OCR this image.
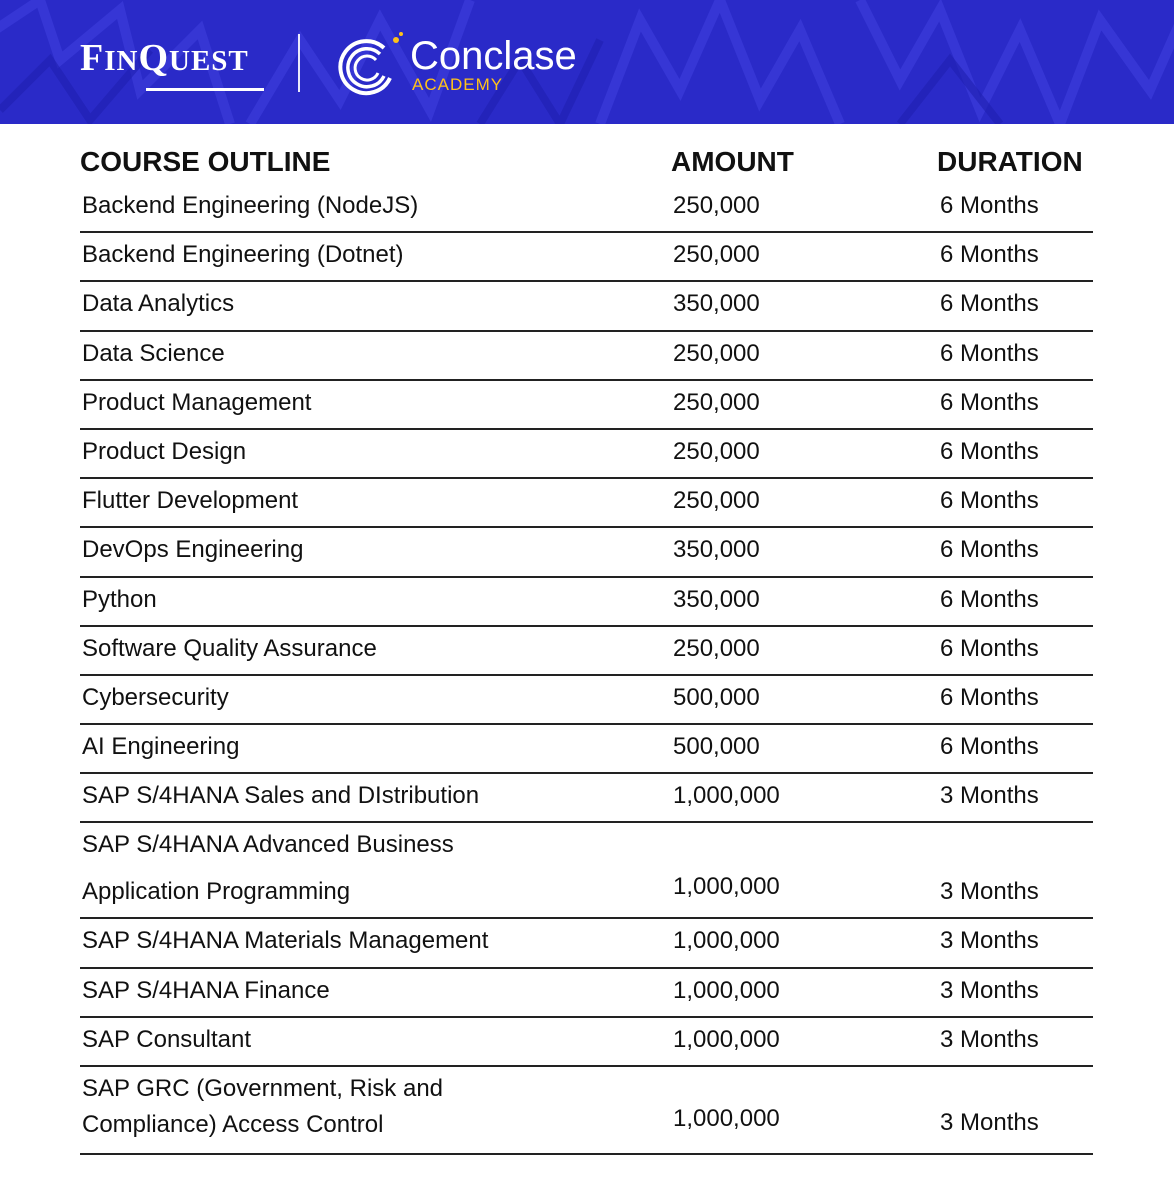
FINQUEST	Conclase
ACADEMY
COURSE OUTLINE	AMOUNT	DURATION
Backend Engineering (NodeJS)	250,000	6 Months
Backend Engineering (Dotnet)	250,000	6 Months
Data Analytics	350,000	6 Months
Data Science	250,000	6 Months
Product Management	250,000	6 Months
Product Design	250,000	6 Months
Flutter Development	250,000	6 Months
DevOps Engineering	350,000	6 Months
Python	350,000	6 Months
Software Quality Assurance	250,000	6 Months
Cybersecurity	500,000	6 Months
AI Engineering	500,000	6 Months
SAP S/4HANA Sales and DIstribution	1,000,000	3 Months
SAP S/4HANA Advanced Business
Application Programming	1,000,000	3 Months
SAP S/4HANA Materials Management	1,000,000	3 Months
SAP S/4HANA Finance	1,000,000	3 Months
SAP Consultant	1,000,000	3 Months
SAP GRC (Government, Risk and
Compliance) Access Control	1,000,000	3 Months
